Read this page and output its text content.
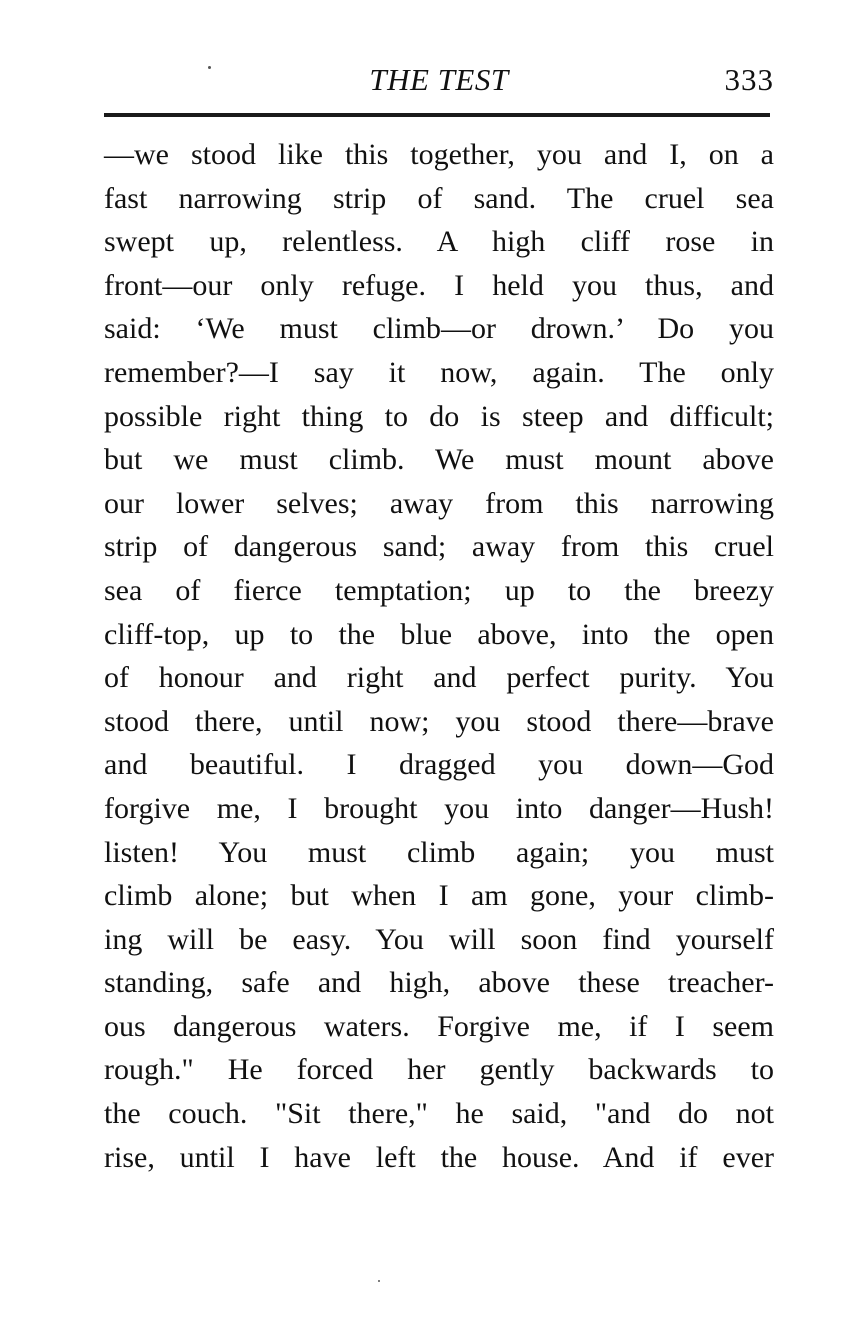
THE TEST	333
—we stood like this together, you and I, on a
fast narrowing strip of sand. The cruel sea
swept up, relentless. A high cliff rose in
front—our only refuge. I held you thus, and
said: ‘We must climb—or drown.’ Do you
remember?—I say it now, again. The only
possible right thing to do is steep and difficult;
but we must climb. We must mount above
our lower selves; away from this narrowing
strip of dangerous sand; away from this cruel
sea of fierce temptation; up to the breezy
cliff-top, up to the blue above, into the open
of honour and right and perfect purity. You
stood there, until now; you stood there—brave
and beautiful. I dragged you down—God
forgive me, I brought you into danger—Hush!
listen! You must climb again; you must
climb alone; but when I am gone, your climb-
ing will be easy. You will soon find yourself
standing, safe and high, above these treacher-
ous dangerous waters. Forgive me, if I seem
rough." He forced her gently backwards to
the couch. "Sit there," he said, "and do not
rise, until I have left the house. And if ever
